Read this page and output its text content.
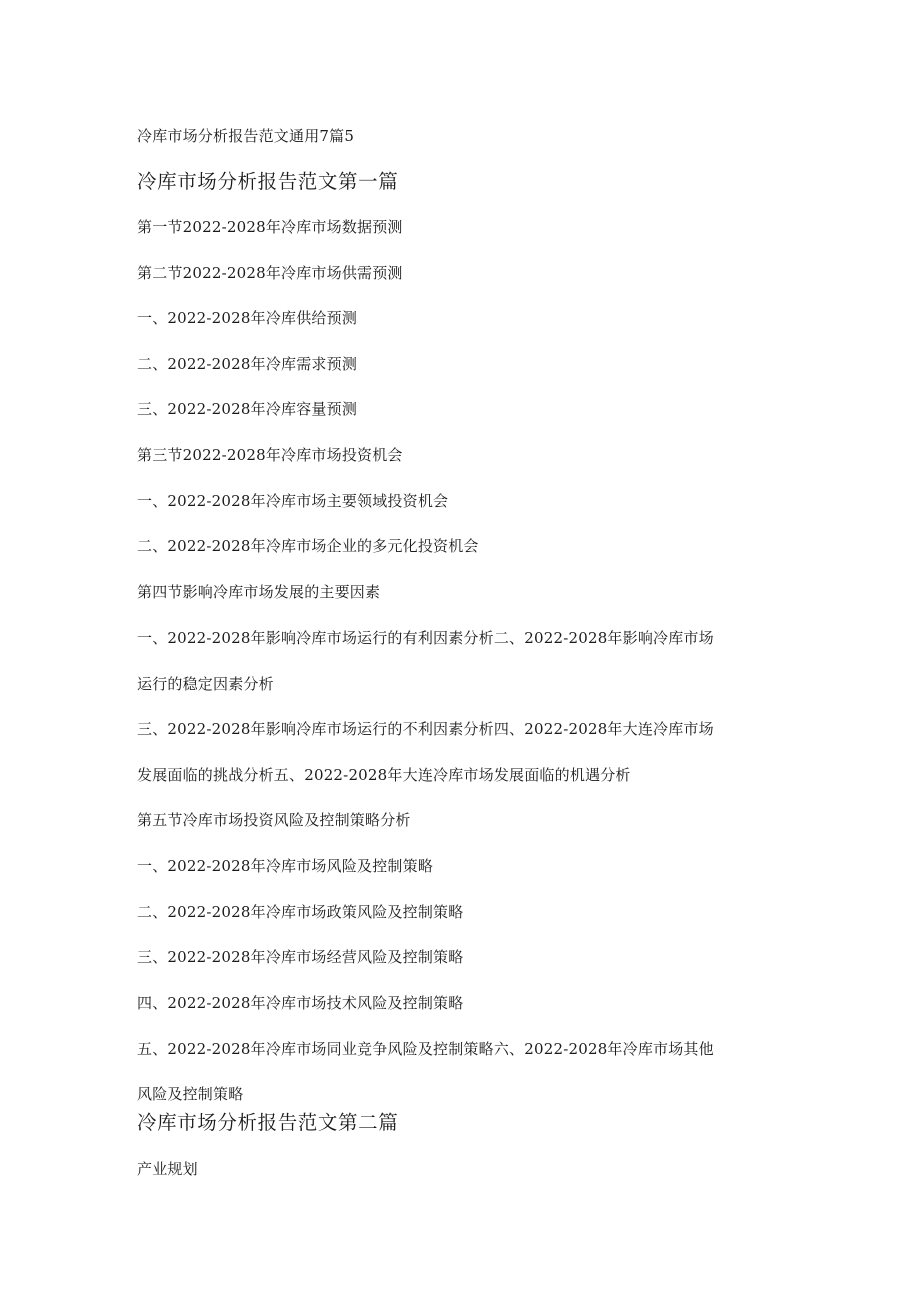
冷库市场分析报告范文通用7篇5

冷库市场分析报告范文第一篇

第一节2022-2028年冷库市场数据预测

第二节2022-2028年冷库市场供需预测

一、2022-2028年冷库供给预测

二、2022-2028年冷库需求预测

三、2022-2028年冷库容量预测

第三节2022-2028年冷库市场投资机会

一、2022-2028年冷库市场主要领域投资机会

二、2022-2028年冷库市场企业的多元化投资机会

第四节影响冷库市场发展的主要因素

一、2022-2028年影响冷库市场运行的有利因素分析二、2022-2028年影响冷库市场

运行的稳定因素分析

三、2022-2028年影响冷库市场运行的不利因素分析四、2022-2028年大连冷库市场

发展面临的挑战分析五、2022-2028年大连冷库市场发展面临的机遇分析

第五节冷库市场投资风险及控制策略分析

一、2022-2028年冷库市场风险及控制策略

二、2022-2028年冷库市场政策风险及控制策略

三、2022-2028年冷库市场经营风险及控制策略

四、2022-2028年冷库市场技术风险及控制策略

五、2022-2028年冷库市场同业竞争风险及控制策略六、2022-2028年冷库市场其他

风险及控制策略

冷库市场分析报告范文第二篇

产业规划
